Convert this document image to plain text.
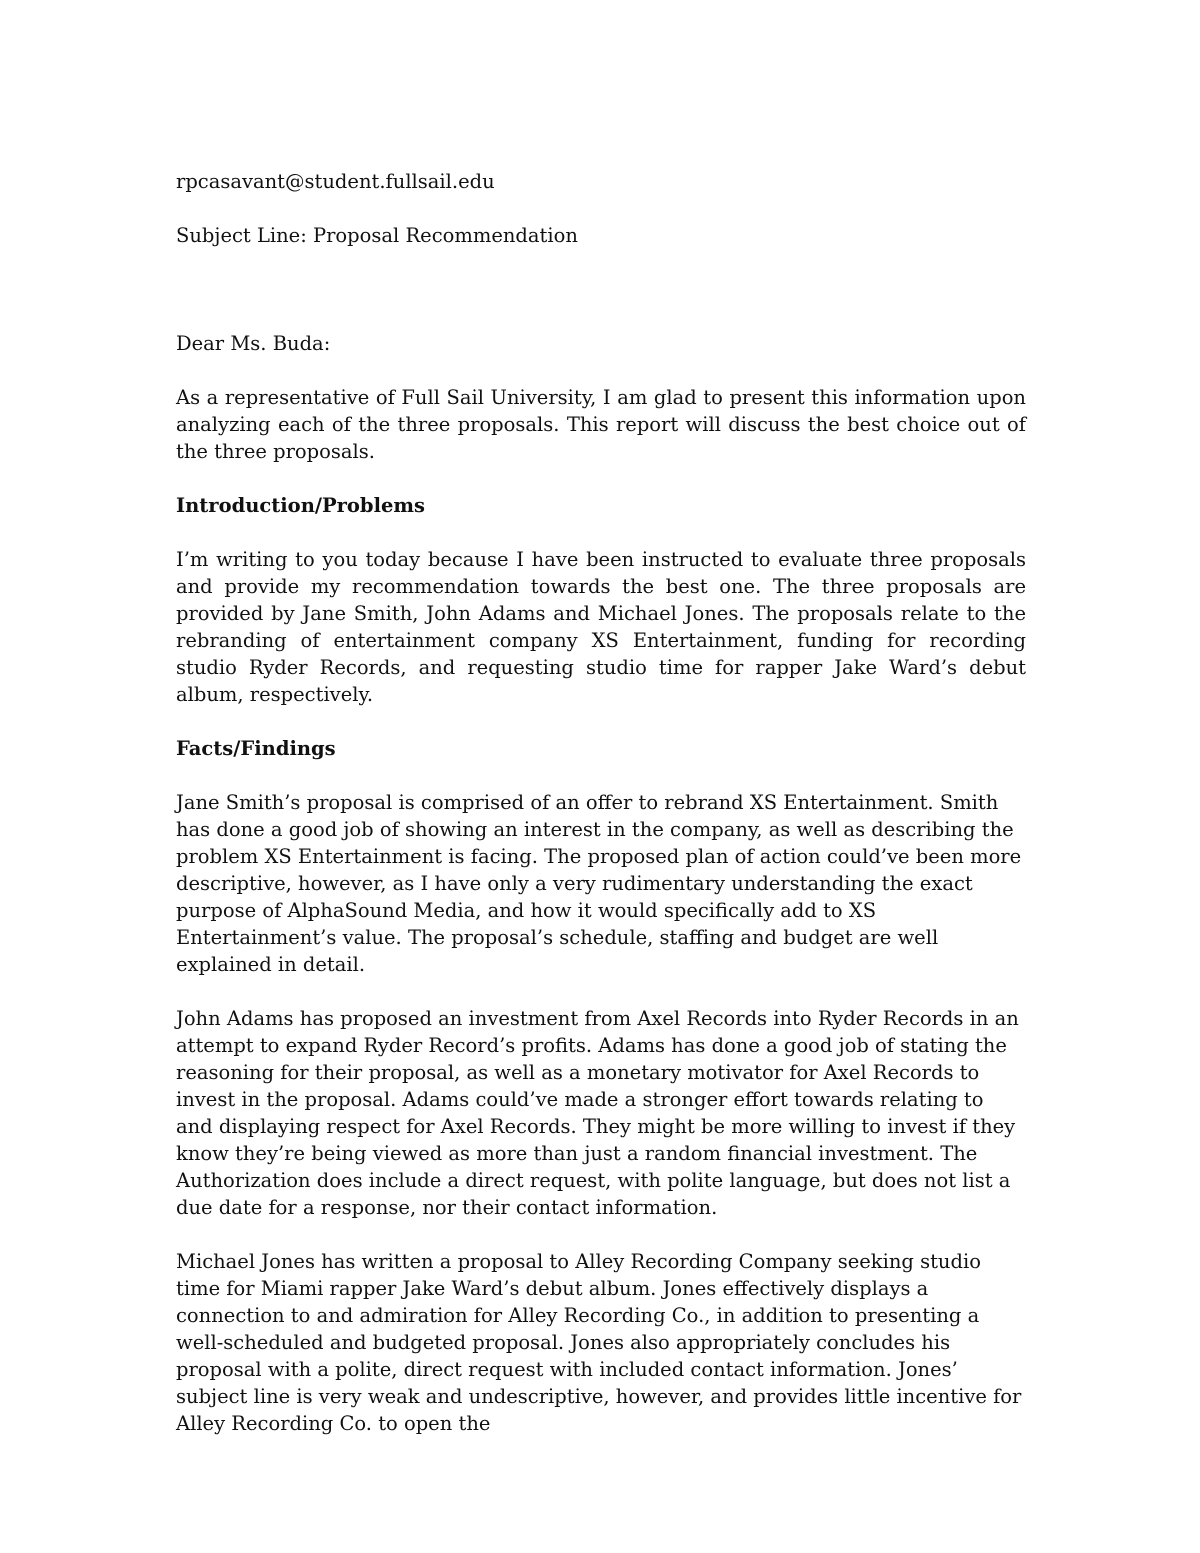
rpcasavant@student.fullsail.edu

Subject Line: Proposal Recommendation

Dear Ms. Buda:

As a representative of Full Sail University, I am glad to present this information upon analyzing each of the three proposals. This report will discuss the best choice out of the three proposals.

Introduction/Problems

I’m writing to you today because I have been instructed to evaluate three proposals and provide my recommendation towards the best one. The three proposals are provided by Jane Smith, John Adams and Michael Jones. The proposals relate to the rebranding of entertainment company XS Entertainment, funding for recording studio Ryder Records, and requesting studio time for rapper Jake Ward’s debut album, respectively.

Facts/Findings

Jane Smith’s proposal is comprised of an offer to rebrand XS Entertainment. Smith has done a good job of showing an interest in the company, as well as describing the problem XS Entertainment is facing. The proposed plan of action could’ve been more descriptive, however, as I have only a very rudimentary understanding the exact purpose of AlphaSound Media, and how it would specifically add to XS Entertainment’s value. The proposal’s schedule, staffing and budget are well explained in detail.

John Adams has proposed an investment from Axel Records into Ryder Records in an attempt to expand Ryder Record’s profits. Adams has done a good job of stating the reasoning for their proposal, as well as a monetary motivator for Axel Records to invest in the proposal. Adams could’ve made a stronger effort towards relating to and displaying respect for Axel Records. They might be more willing to invest if they know they’re being viewed as more than just a random financial investment. The Authorization does include a direct request, with polite language, but does not list a due date for a response, nor their contact information.

Michael Jones has written a proposal to Alley Recording Company seeking studio time for Miami rapper Jake Ward’s debut album. Jones effectively displays a connection to and admiration for Alley Recording Co., in addition to presenting a well-scheduled and budgeted proposal. Jones also appropriately concludes his proposal with a polite, direct request with included contact information. Jones’ subject line is very weak and undescriptive, however, and provides little incentive for Alley Recording Co. to open the
